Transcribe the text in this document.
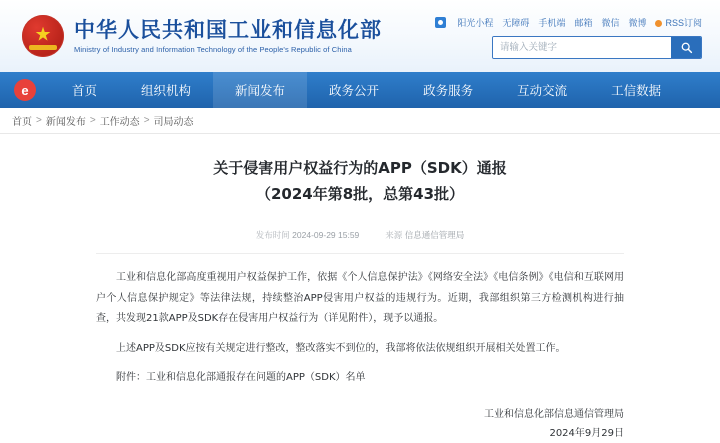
★
中华人民共和国工业和信息化部
Ministry of Industry and Information Technology of the People's Republic of China
阳光小程 无障碍 手机端 邮箱 微信 微博	RSS订阅
请输入关键字
e	首页	组织机构	新闻发布	政务公开	政务服务	互动交流	工信数据
首页 > 新闻发布 > 工作动态 > 司局动态
关于侵害用户权益行为的APP（SDK）通报
（2024年第8批，总第43批）
发布时间 2024-09-29 15:59	来源 信息通信管理局

工业和信息化部高度重视用户权益保护工作，依据《个人信息保护法》《网络安全法》《电信条例》《电信和互联网用户个人信息保护规定》等法律法规，持续整治APP侵害用户权益的违规行为。近期，我部组织第三方检测机构进行抽查，共发现21款APP及SDK存在侵害用户权益行为（详见附件），现予以通报。

上述APP及SDK应按有关规定进行整改，整改落实不到位的，我部将依法依规组织开展相关处置工作。

附件：工业和信息化部通报存在问题的APP（SDK）名单

工业和信息化部信息通信管理局
2024年9月29日
